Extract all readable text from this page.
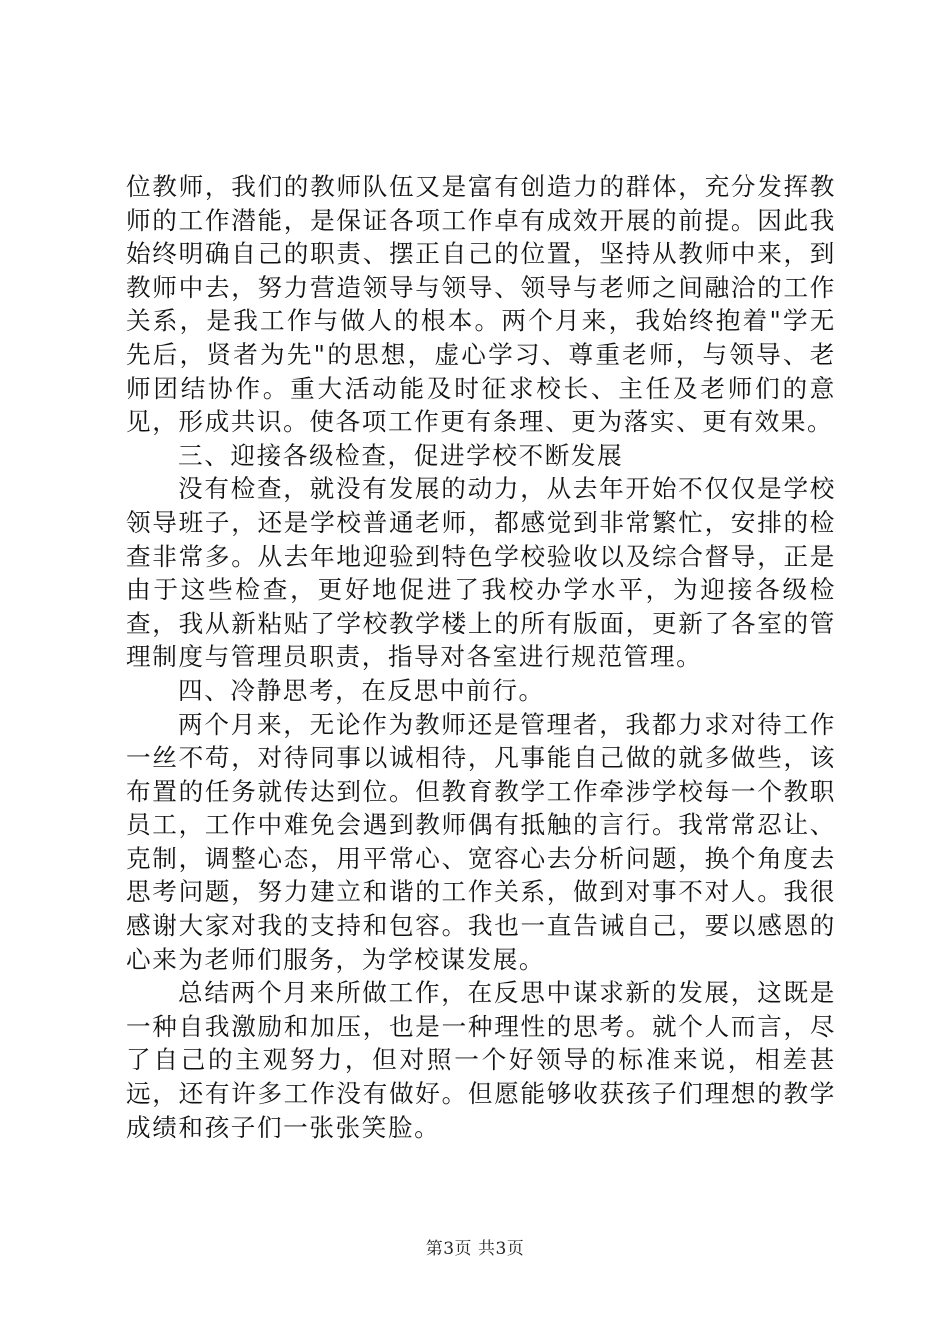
位教师，我们的教师队伍又是富有创造力的群体，充分发挥教师的工作潜能，是保证各项工作卓有成效开展的前提。因此我始终明确自己的职责、摆正自己的位置，坚持从教师中来，到教师中去，努力营造领导与领导、领导与老师之间融洽的工作关系，是我工作与做人的根本。两个月来，我始终抱着"学无先后，贤者为先"的思想，虚心学习、尊重老师，与领导、老师团结协作。重大活动能及时征求校长、主任及老师们的意见，形成共识。使各项工作更有条理、更为落实、更有效果。

三、迎接各级检查，促进学校不断发展

没有检查，就没有发展的动力，从去年开始不仅仅是学校领导班子，还是学校普通老师，都感觉到非常繁忙，安排的检查非常多。从去年地迎验到特色学校验收以及综合督导，正是由于这些检查，更好地促进了我校办学水平，为迎接各级检查，我从新粘贴了学校教学楼上的所有版面，更新了各室的管理制度与管理员职责，指导对各室进行规范管理。

四、冷静思考，在反思中前行。

两个月来，无论作为教师还是管理者，我都力求对待工作一丝不苟，对待同事以诚相待，凡事能自己做的就多做些，该布置的任务就传达到位。但教育教学工作牵涉学校每一个教职员工，工作中难免会遇到教师偶有抵触的言行。我常常忍让、克制，调整心态，用平常心、宽容心去分析问题，换个角度去思考问题，努力建立和谐的工作关系，做到对事不对人。我很感谢大家对我的支持和包容。我也一直告诫自己，要以感恩的心来为老师们服务，为学校谋发展。

总结两个月来所做工作，在反思中谋求新的发展，这既是一种自我激励和加压，也是一种理性的思考。就个人而言，尽了自己的主观努力，但对照一个好领导的标准来说，相差甚远，还有许多工作没有做好。但愿能够收获孩子们理想的教学成绩和孩子们一张张笑脸。

第3页 共3页
